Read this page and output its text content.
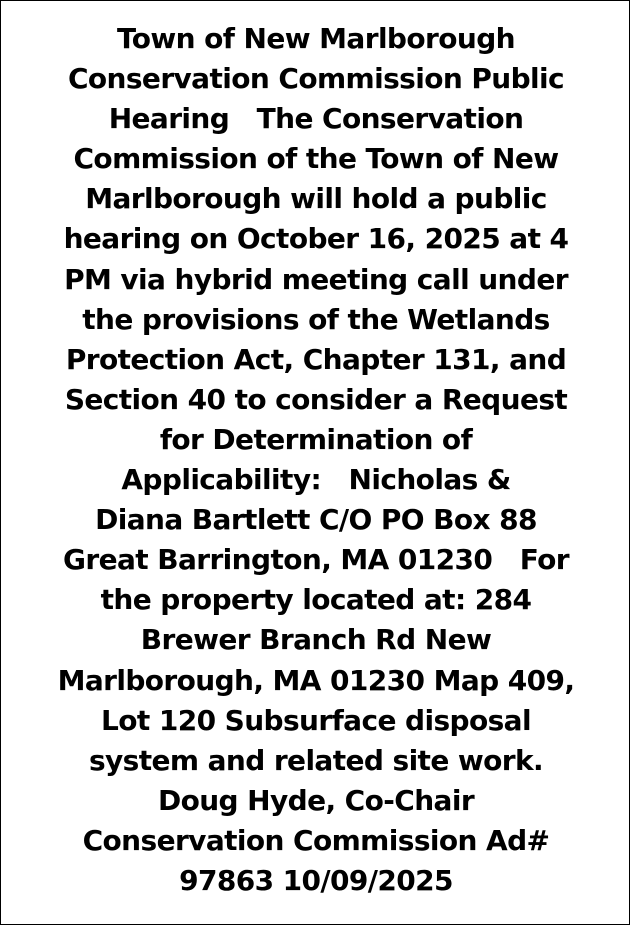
Town of New Marlborough
Conservation Commission Public
Hearing   The Conservation
Commission of the Town of New
Marlborough will hold a public
hearing on October 16, 2025 at 4
PM via hybrid meeting call under
the provisions of the Wetlands
Protection Act, Chapter 131, and
Section 40 to consider a Request
for Determination of
Applicability:   Nicholas &
Diana Bartlett C/O PO Box 88
Great Barrington, MA 01230   For
the property located at: 284
Brewer Branch Rd New
Marlborough, MA 01230 Map 409,
Lot 120 Subsurface disposal
system and related site work.
Doug Hyde, Co-Chair
Conservation Commission Ad#
97863 10/09/2025
